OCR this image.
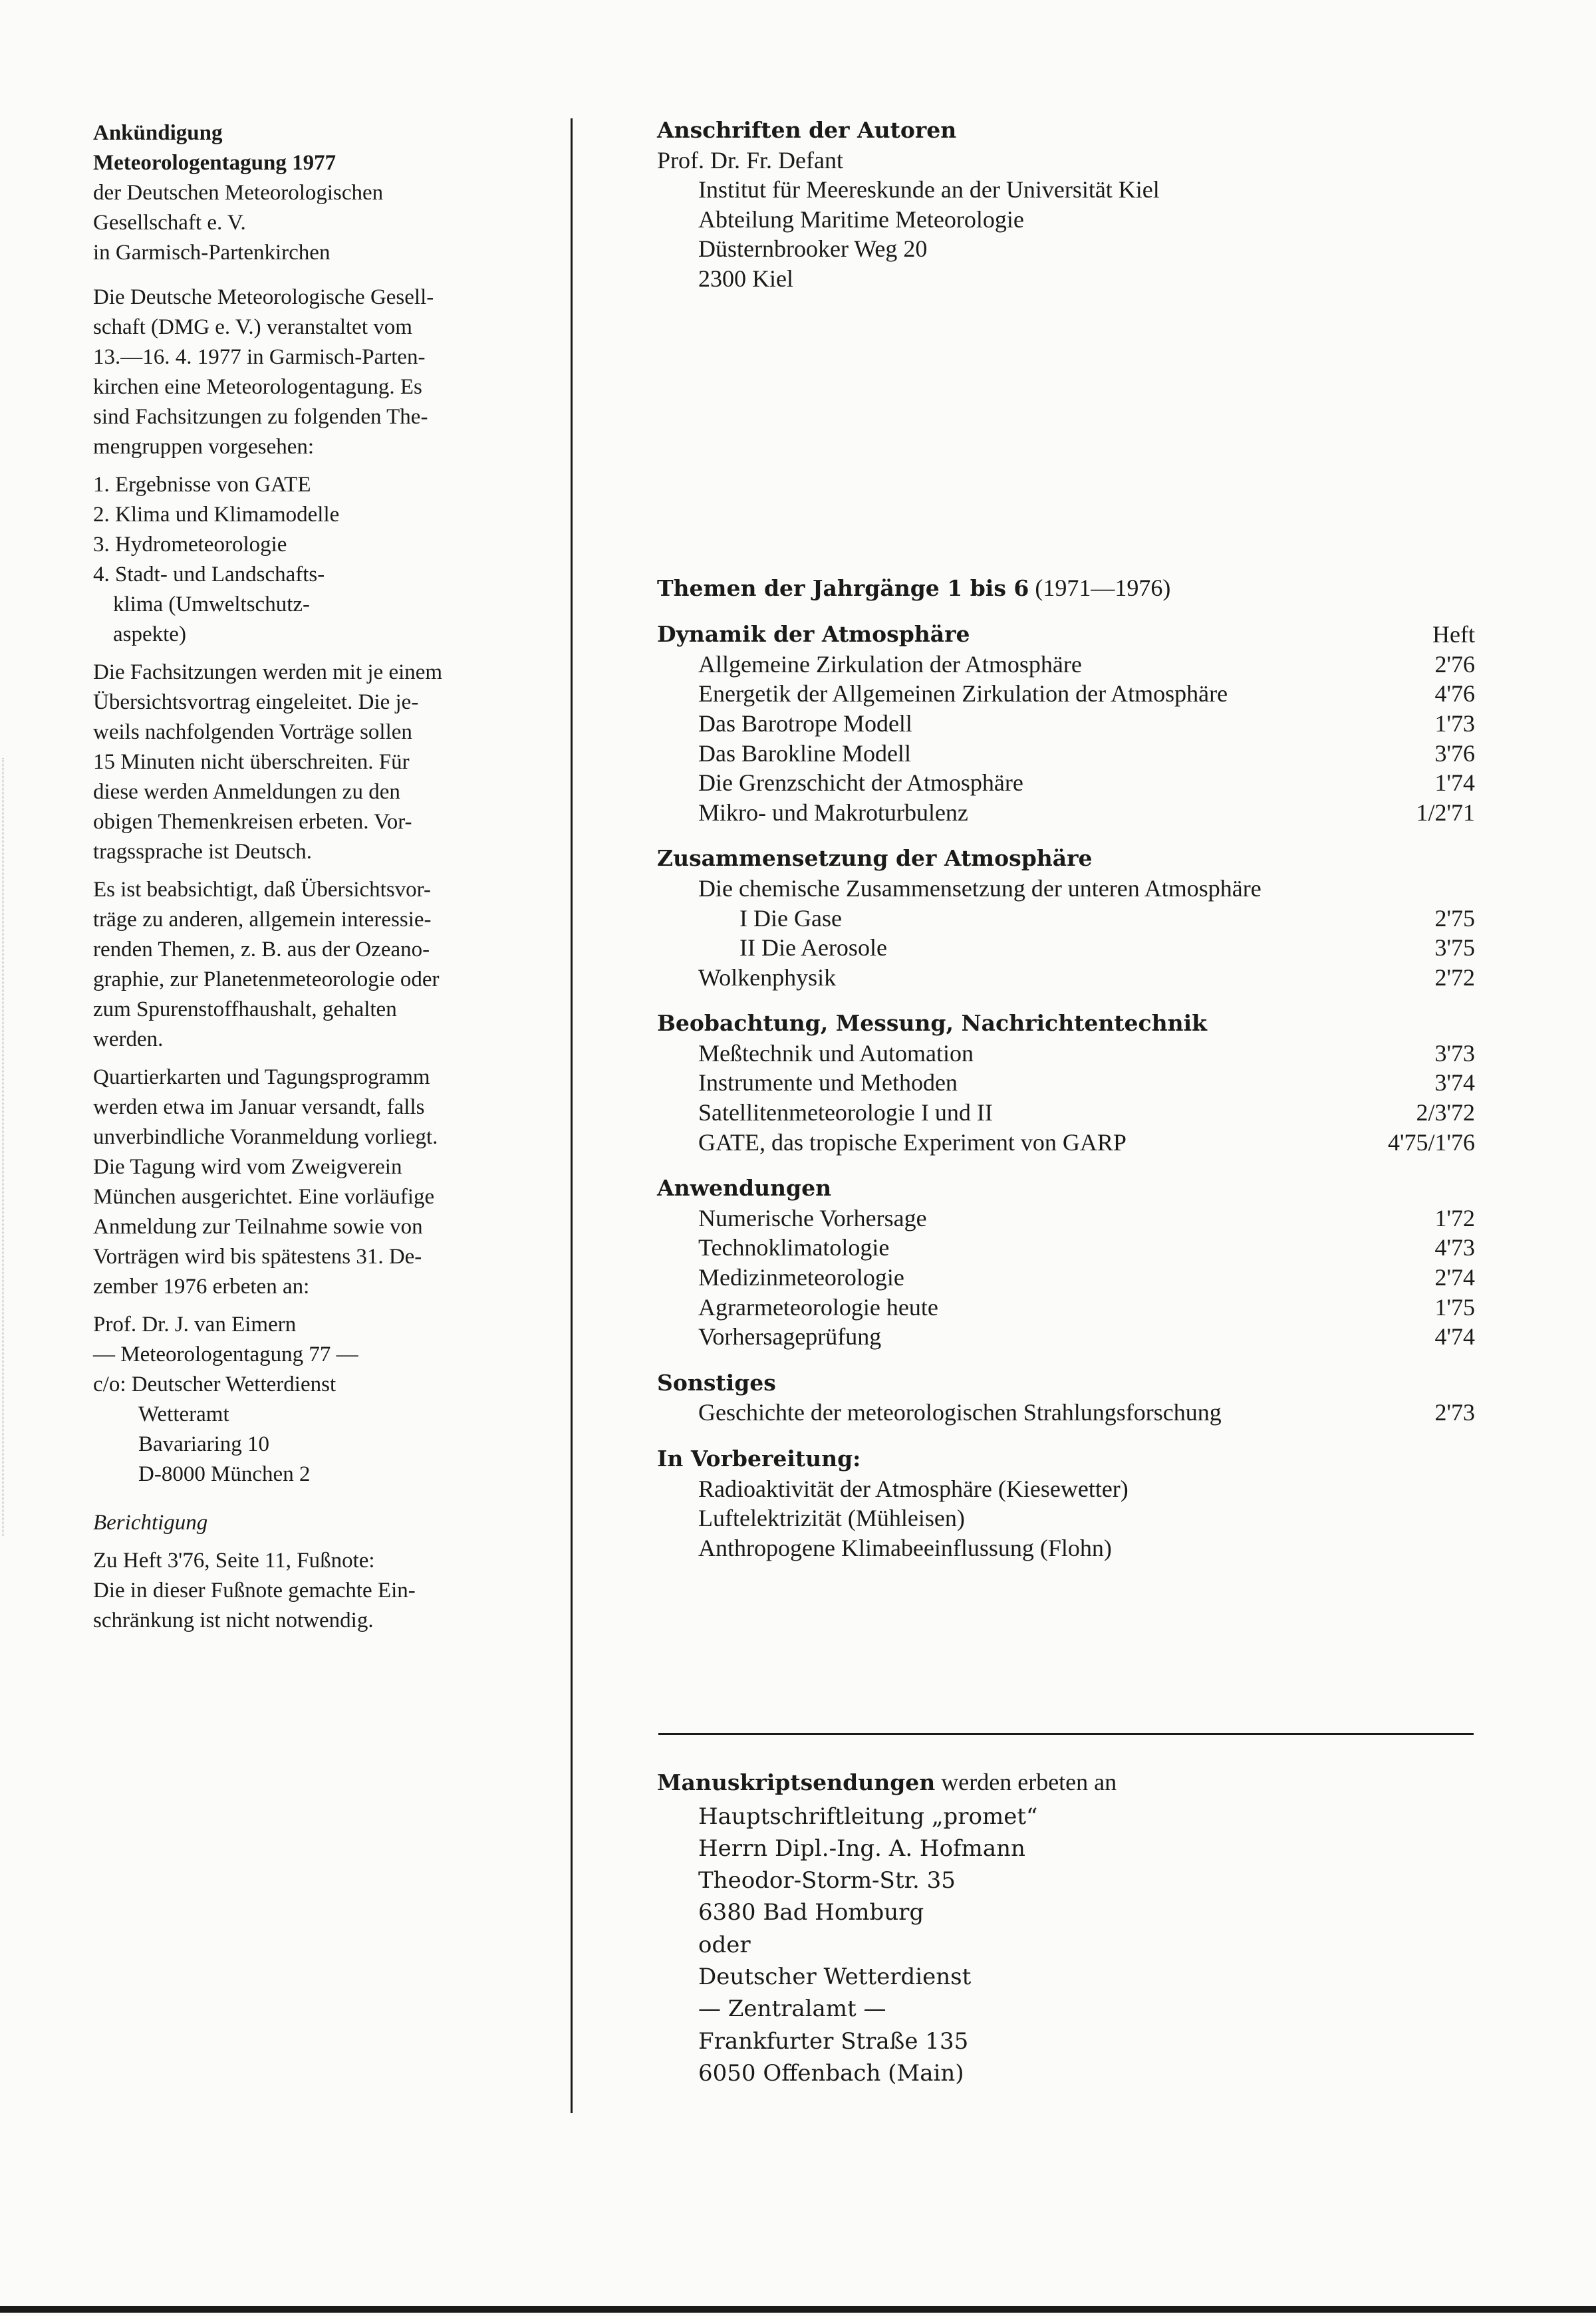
Ankündigung

Meteorologentagung 1977

der Deutschen Meteorologischen

Gesellschaft e. V.

in Garmisch-Partenkirchen

Die Deutsche Meteorologische Gesell-

schaft (DMG e. V.) veranstaltet vom

13.—16. 4. 1977 in Garmisch-Parten-

kirchen eine Meteorologentagung. Es

sind Fachsitzungen zu folgenden The-

mengruppen vorgesehen:

1. Ergebnisse von GATE

2. Klima und Klimamodelle

3. Hydrometeorologie

4. Stadt- und Landschafts-

klima (Umweltschutz-

aspekte)

Die Fachsitzungen werden mit je einem

Übersichtsvortrag eingeleitet. Die je-

weils nachfolgenden Vorträge sollen

15 Minuten nicht überschreiten. Für

diese werden Anmeldungen zu den

obigen Themenkreisen erbeten. Vor-

tragssprache ist Deutsch.

Es ist beabsichtigt, daß Übersichtsvor-

träge zu anderen, allgemein interessie-

renden Themen, z. B. aus der Ozeano-

graphie, zur Planetenmeteorologie oder

zum Spurenstoffhaushalt, gehalten

werden.

Quartierkarten und Tagungsprogramm

werden etwa im Januar versandt, falls

unverbindliche Voranmeldung vorliegt.

Die Tagung wird vom Zweigverein

München ausgerichtet. Eine vorläufige

Anmeldung zur Teilnahme sowie von

Vorträgen wird bis spätestens 31. De-

zember 1976 erbeten an:

Prof. Dr. J. van Eimern

— Meteorologentagung 77 —

c/o: Deutscher Wetterdienst

Wetteramt

Bavariaring 10

D-8000 München 2

Berichtigung

Zu Heft 3'76, Seite 11, Fußnote:

Die in dieser Fußnote gemachte Ein-

schränkung ist nicht notwendig.

Anschriften der Autoren

Prof. Dr. Fr. Defant

Institut für Meereskunde an der Universität Kiel

Abteilung Maritime Meteorologie

Düsternbrooker Weg 20

2300 Kiel

Themen der Jahrgänge 1 bis 6 (1971—1976)

Dynamik der Atmosphäre	Heft
Allgemeine Zirkulation der Atmosphäre	2'76
Energetik der Allgemeinen Zirkulation der Atmosphäre	4'76
Das Barotrope Modell	1'73
Das Barokline Modell	3'76
Die Grenzschicht der Atmosphäre	1'74
Mikro- und Makroturbulenz	1/2'71

Zusammensetzung der Atmosphäre

Die chemische Zusammensetzung der unteren Atmosphäre

I Die Gase	2'75
II Die Aerosole	3'75
Wolkenphysik	2'72

Beobachtung, Messung, Nachrichtentechnik

Meßtechnik und Automation	3'73
Instrumente und Methoden	3'74
Satellitenmeteorologie I und II	2/3'72
GATE, das tropische Experiment von GARP	4'75/1'76

Anwendungen

Numerische Vorhersage	1'72
Technoklimatologie	4'73
Medizinmeteorologie	2'74
Agrarmeteorologie heute	1'75
Vorhersageprüfung	4'74

Sonstiges

Geschichte der meteorologischen Strahlungsforschung	2'73

In Vorbereitung:

Radioaktivität der Atmosphäre (Kiesewetter)

Luftelektrizität (Mühleisen)

Anthropogene Klimabeeinflussung (Flohn)

Manuskriptsendungen werden erbeten an

Hauptschriftleitung „promet“

Herrn Dipl.-Ing. A. Hofmann

Theodor-Storm-Str. 35

6380 Bad Homburg

oder

Deutscher Wetterdienst

— Zentralamt —

Frankfurter Straße 135

6050 Offenbach (Main)
